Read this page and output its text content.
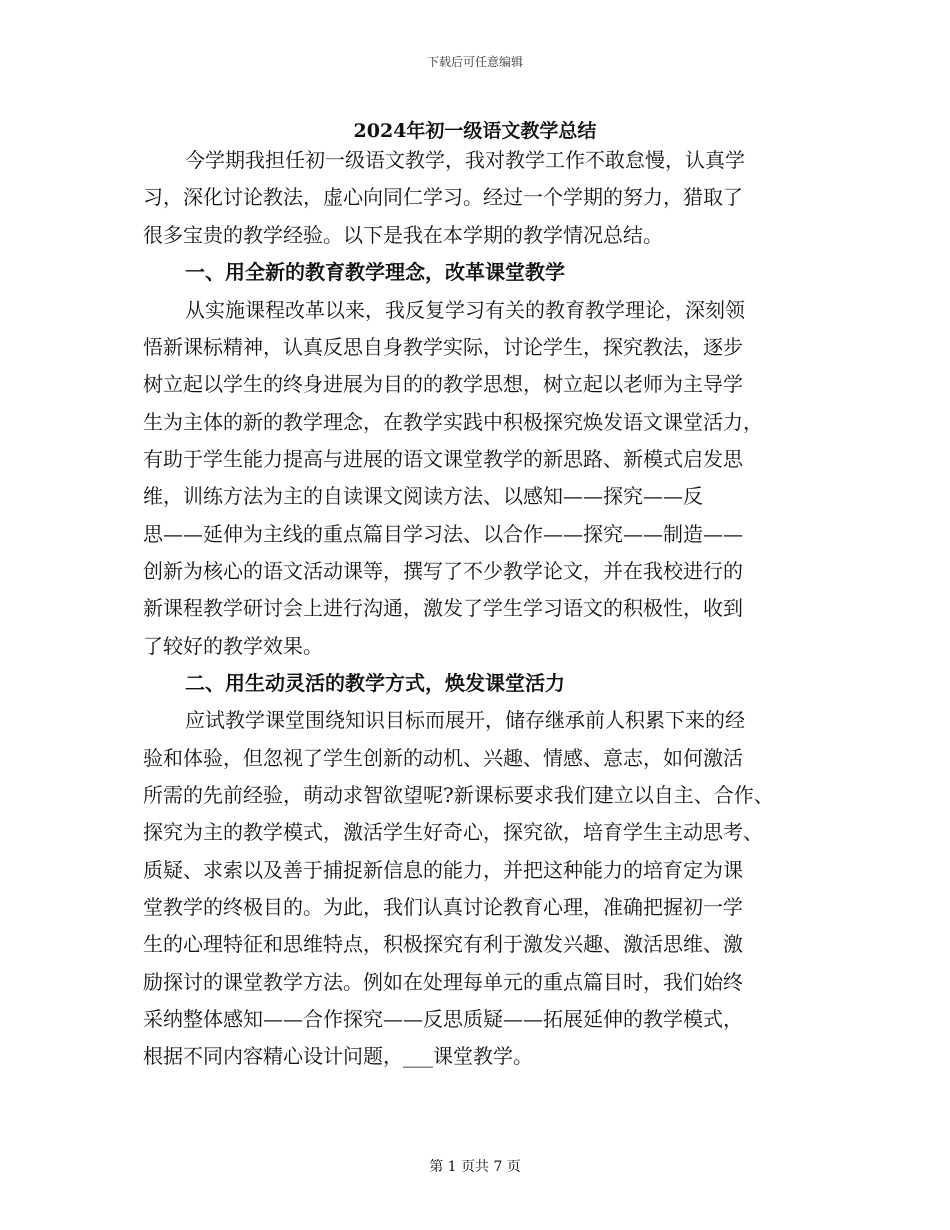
下载后可任意编辑
2024年初一级语文教学总结
今学期我担任初一级语文教学，我对教学工作不敢怠慢，认真学
习，深化讨论教法，虚心向同仁学习。经过一个学期的努力，猎取了
很多宝贵的教学经验。以下是我在本学期的教学情况总结。
一、用全新的教育教学理念，改革课堂教学
从实施课程改革以来，我反复学习有关的教育教学理论，深刻领
悟新课标精神，认真反思自身教学实际，讨论学生，探究教法，逐步
树立起以学生的终身进展为目的的教学思想，树立起以老师为主导学
生为主体的新的教学理念，在教学实践中积极探究焕发语文课堂活力，
有助于学生能力提高与进展的语文课堂教学的新思路、新模式启发思
维，训练方法为主的自读课文阅读方法、以感知——探究——反
思——延伸为主线的重点篇目学习法、以合作——探究——制造——
创新为核心的语文活动课等，撰写了不少教学论文，并在我校进行的
新课程教学研讨会上进行沟通，激发了学生学习语文的积极性，收到
了较好的教学效果。
二、用生动灵活的教学方式，焕发课堂活力
应试教学课堂围绕知识目标而展开，储存继承前人积累下来的经
验和体验，但忽视了学生创新的动机、兴趣、情感、意志，如何激活
所需的先前经验，萌动求智欲望呢?新课标要求我们建立以自主、合作、
探究为主的教学模式，激活学生好奇心，探究欲，培育学生主动思考、
质疑、求索以及善于捕捉新信息的能力，并把这种能力的培育定为课
堂教学的终极目的。为此，我们认真讨论教育心理，准确把握初一学
生的心理特征和思维特点，积极探究有利于激发兴趣、激活思维、激
励探讨的课堂教学方法。例如在处理每单元的重点篇目时，我们始终
采纳整体感知——合作探究——反思质疑——拓展延伸的教学模式，
根据不同内容精心设计问题，___课堂教学。
第 1 页共 7 页
